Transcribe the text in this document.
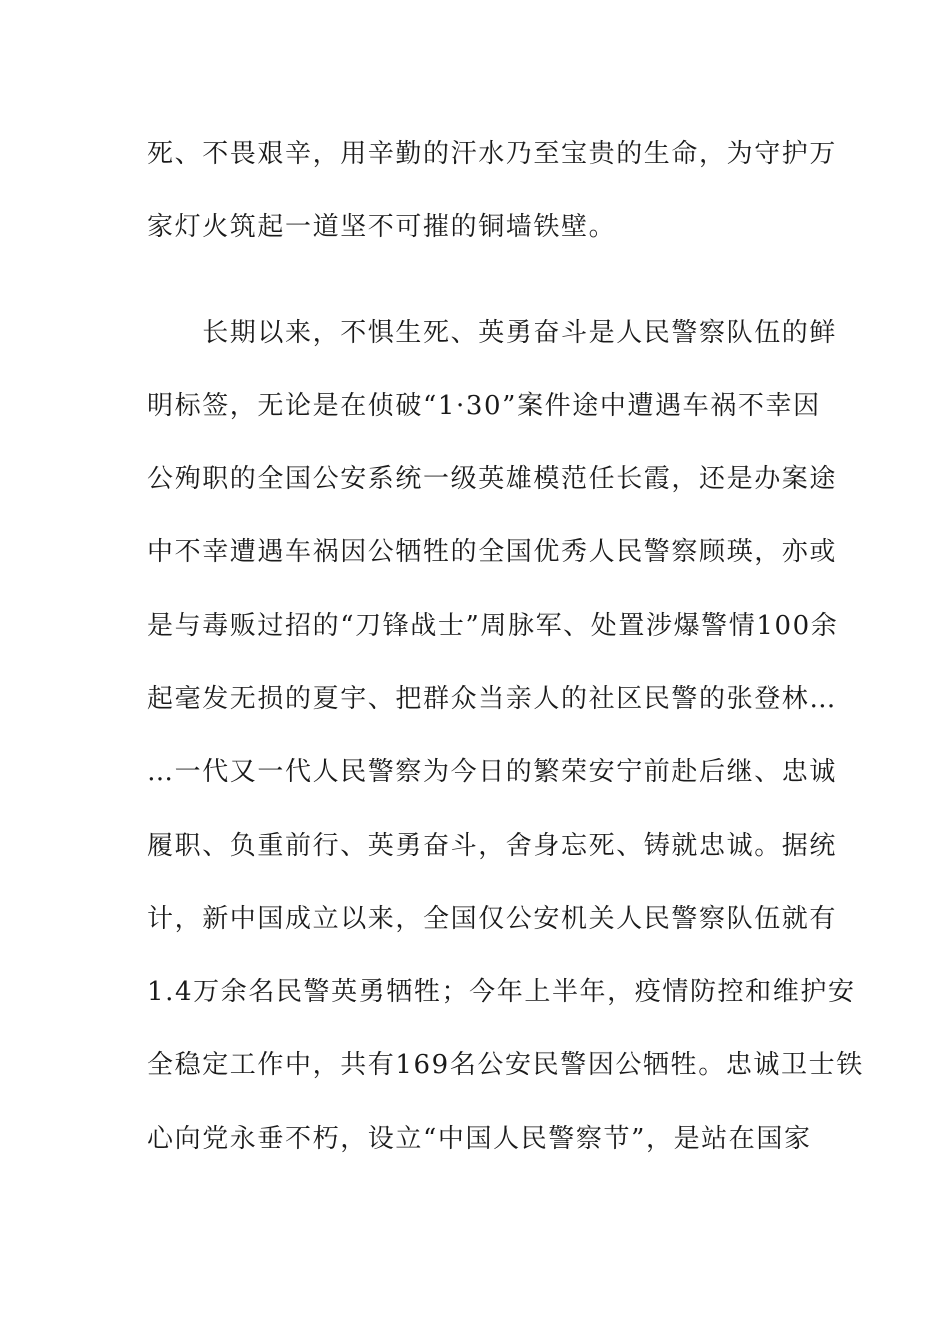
死、不畏艰辛，用辛勤的汗水乃至宝贵的生命，为守护万
家灯火筑起一道坚不可摧的铜墙铁壁。
　　长期以来，不惧生死、英勇奋斗是人民警察队伍的鲜
明标签，无论是在侦破“1·30”案件途中遭遇车祸不幸因
公殉职的全国公安系统一级英雄模范任长霞，还是办案途
中不幸遭遇车祸因公牺牲的全国优秀人民警察顾瑛，亦或
是与毒贩过招的“刀锋战士”周脉军、处置涉爆警情100余
起毫发无损的夏宇、把群众当亲人的社区民警的张登林…
…一代又一代人民警察为今日的繁荣安宁前赴后继、忠诚
履职、负重前行、英勇奋斗，舍身忘死、铸就忠诚。据统
计，新中国成立以来，全国仅公安机关人民警察队伍就有
1.4万余名民警英勇牺牲；今年上半年，疫情防控和维护安
全稳定工作中，共有169名公安民警因公牺牲。忠诚卫士铁
心向党永垂不朽，设立“中国人民警察节”，是站在国家
